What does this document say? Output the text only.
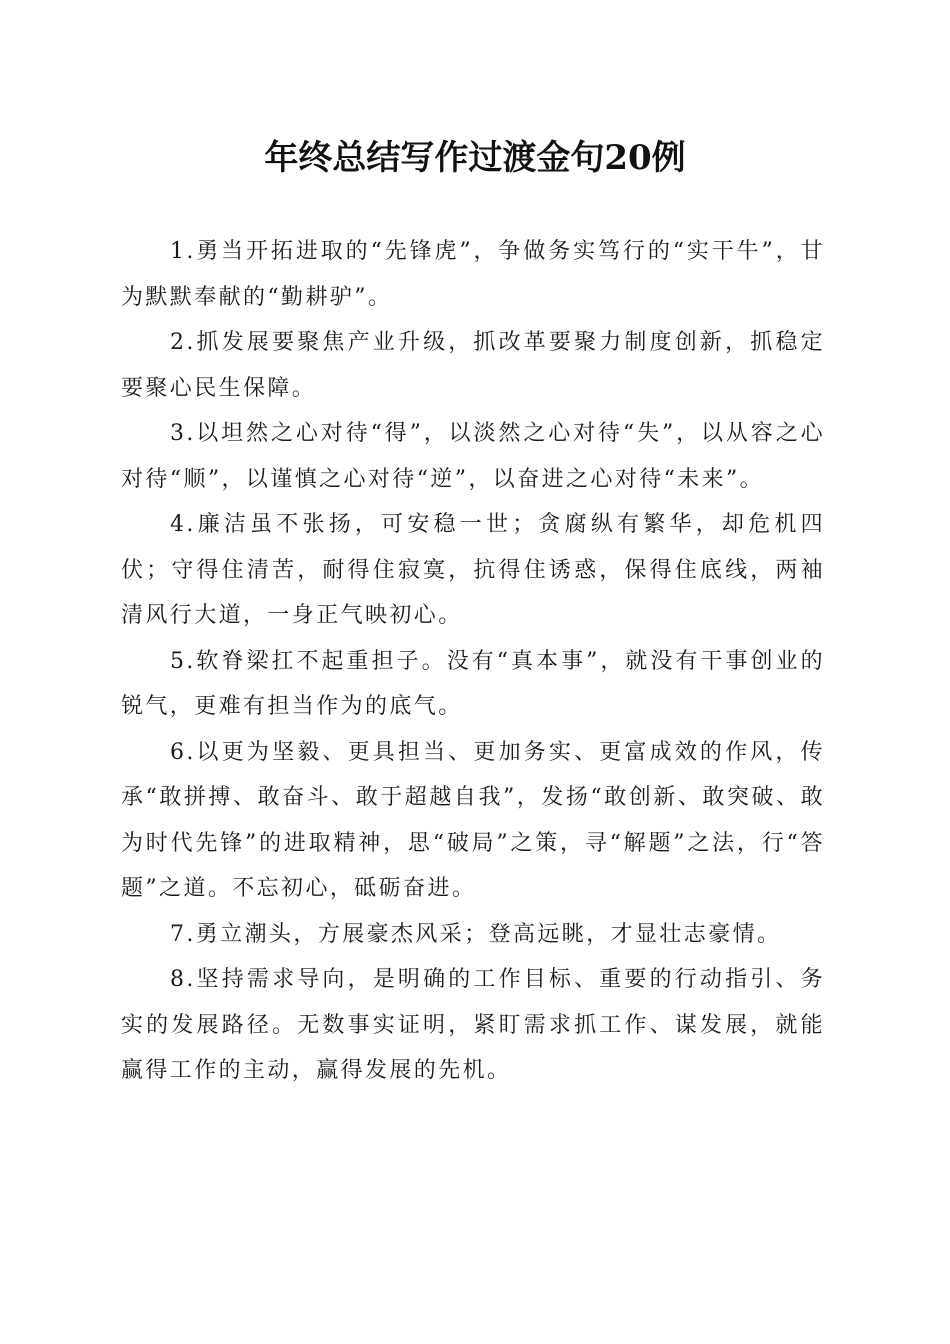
年终总结写作过渡金句20例

1.勇当开拓进取的“先锋虎”，争做务实笃行的“实干牛”，甘为默默奉献的“勤耕驴”。

2.抓发展要聚焦产业升级，抓改革要聚力制度创新，抓稳定要聚心民生保障。

3.以坦然之心对待“得”，以淡然之心对待“失”，以从容之心对待“顺”，以谨慎之心对待“逆”，以奋进之心对待“未来”。

4.廉洁虽不张扬，可安稳一世；贪腐纵有繁华，却危机四伏；守得住清苦，耐得住寂寞，抗得住诱惑，保得住底线，两袖清风行大道，一身正气映初心。

5.软脊梁扛不起重担子。没有“真本事”，就没有干事创业的锐气，更难有担当作为的底气。

6.以更为坚毅、更具担当、更加务实、更富成效的作风，传承“敢拼搏、敢奋斗、敢于超越自我”，发扬“敢创新、敢突破、敢为时代先锋”的进取精神，思“破局”之策，寻“解题”之法，行“答题”之道。不忘初心，砥砺奋进。

7.勇立潮头，方展豪杰风采；登高远眺，才显壮志豪情。

8.坚持需求导向，是明确的工作目标、重要的行动指引、务实的发展路径。无数事实证明，紧盯需求抓工作、谋发展，就能赢得工作的主动，赢得发展的先机。
